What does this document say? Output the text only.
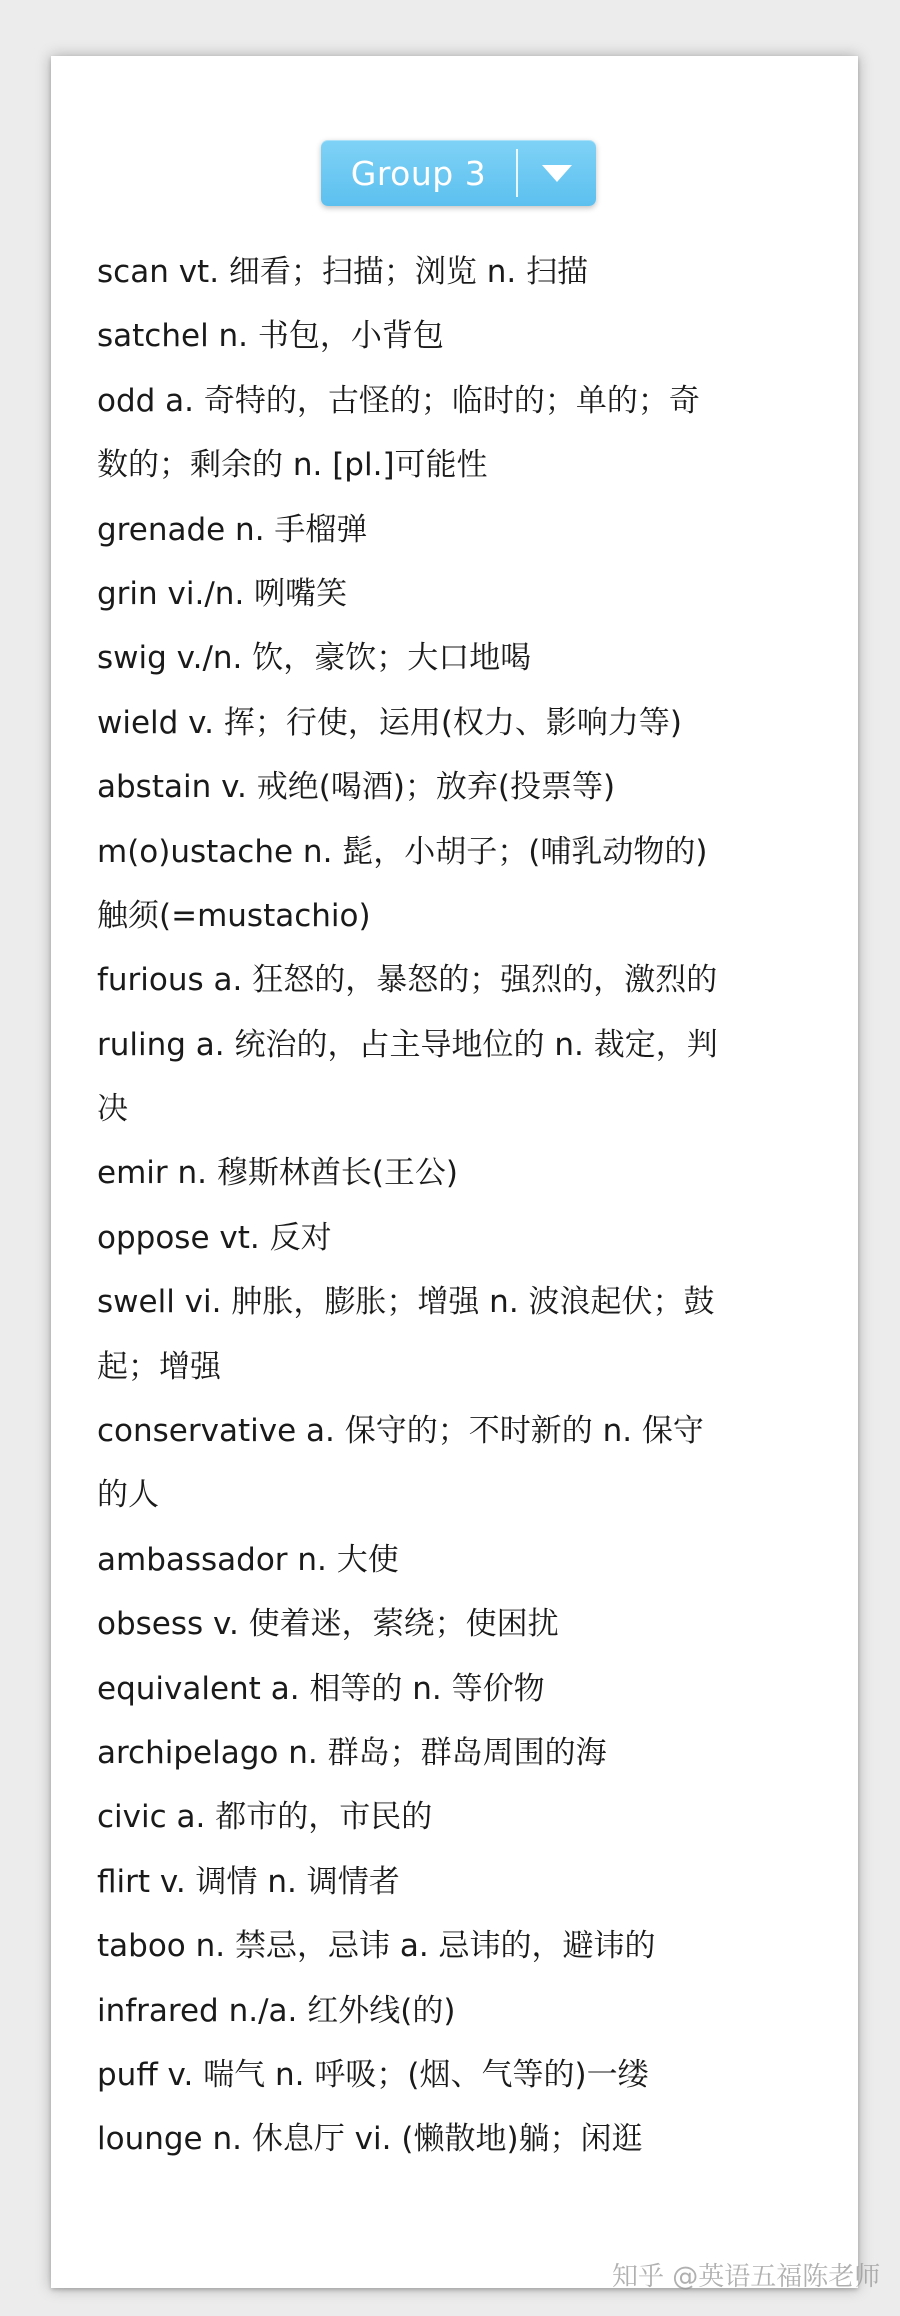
Group 3
scan vt. 细看；扫描；浏览 n. 扫描
satchel n. 书包，小背包
odd a. 奇特的，古怪的；临时的；单的；奇
数的；剩余的 n. [pl.]可能性
grenade n. 手榴弹
grin vi./n. 咧嘴笑
swig v./n. 饮，豪饮；大口地喝
wield v. 挥；行使，运用(权力、影响力等)
abstain v. 戒绝(喝酒)；放弃(投票等)
m(o)ustache n. 髭，小胡子；(哺乳动物的)
触须(=mustachio)
furious a. 狂怒的，暴怒的；强烈的，激烈的
ruling a. 统治的，占主导地位的 n. 裁定，判
决
emir n. 穆斯林酋长(王公)
oppose vt. 反对
swell vi. 肿胀，膨胀；增强 n. 波浪起伏；鼓
起；增强
conservative a. 保守的；不时新的 n. 保守
的人
ambassador n. 大使
obsess v. 使着迷，萦绕；使困扰
equivalent a. 相等的 n. 等价物
archipelago n. 群岛；群岛周围的海
civic a. 都市的，市民的
flirt v. 调情 n. 调情者
taboo n. 禁忌，忌讳 a. 忌讳的，避讳的
infrared n./a. 红外线(的)
puff v. 喘气 n. 呼吸；(烟、气等的)一缕
lounge n. 休息厅 vi. (懒散地)躺；闲逛
知乎 @英语五福陈老师
